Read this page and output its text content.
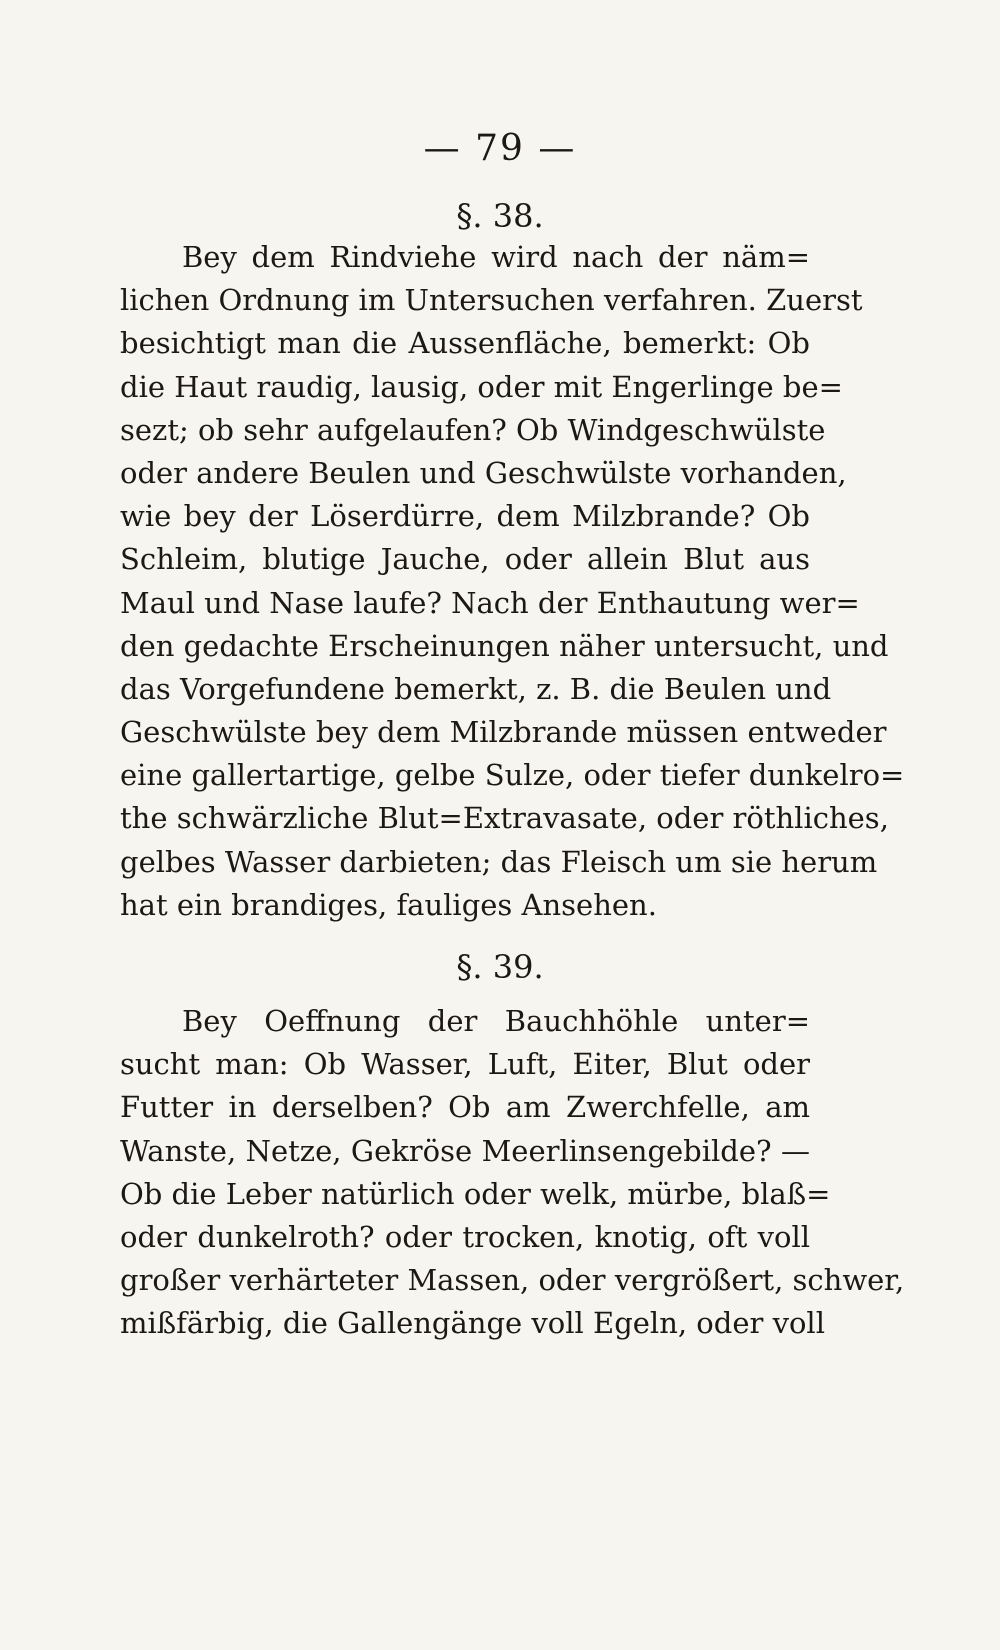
— 79 —
§. 38.
Bey dem Rindviehe wird nach der näm=
lichen Ordnung im Untersuchen verfahren. Zuerst
besichtigt man die Aussenfläche, bemerkt: Ob
die Haut raudig, lausig, oder mit Engerlinge be=
sezt; ob sehr aufgelaufen? Ob Windgeschwülste
oder andere Beulen und Geschwülste vorhanden,
wie bey der Löserdürre, dem Milzbrande? Ob
Schleim, blutige Jauche, oder allein Blut aus
Maul und Nase laufe? Nach der Enthautung wer=
den gedachte Erscheinungen näher untersucht, und
das Vorgefundene bemerkt, z. B. die Beulen und
Geschwülste bey dem Milzbrande müssen entweder
eine gallertartige, gelbe Sulze, oder tiefer dunkelro=
the schwärzliche Blut=Extravasate, oder röthliches,
gelbes Wasser darbieten; das Fleisch um sie herum
hat ein brandiges, fauliges Ansehen.
§. 39.
Bey Oeffnung der Bauchhöhle unter=
sucht man: Ob Wasser, Luft, Eiter, Blut oder
Futter in derselben? Ob am Zwerchfelle, am
Wanste, Netze, Gekröse Meerlinsengebilde? —
Ob die Leber natürlich oder welk, mürbe, blaß=
oder dunkelroth? oder trocken, knotig, oft voll
großer verhärteter Massen, oder vergrößert, schwer,
mißfärbig, die Gallengänge voll Egeln, oder voll
